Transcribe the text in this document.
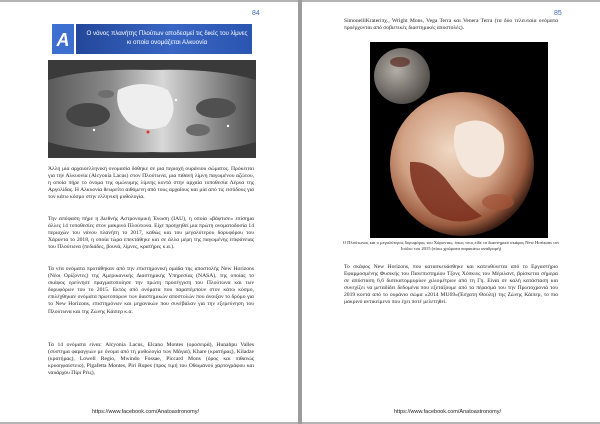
84
A	Ο νάνος πλανήτης Πλούτων αποδεσμεί τις δικές του λίμνες κι οποία ονομάζεται Αλκυονία
Άλλη μια αρχαιοελληνική ονομασία δόθηκε σε μια περιοχή ουράνιου σώματος. Πρόκειται για την Αλκυονία (Alcyonia Lacus) στον Πλούτωνα, μια πιθανή λίμνη παγωμένου αζώτου, η οποία πήρε το όνομα της ομώνυμης λίμνης κοντά στην αρχαία τοποθεσία Λέρνα της Αργολίδας. Η Αλκυονία θεωρείτο αιθόμενη από τους αρχαίους και μία από τις εισόδους για τον κάτω κόσμο στην ελληνική μυθολογία.
Την απόφαση πήρε η Διεθνής Αστρονομική Ένωση (IAU), η οποία «βάφτισε» επίσημα άλλες 14 τοποθεσίες στον μακρινό Πλούτωνα. Είχε προηγηθεί μια πρώτη ονοματοδοσία 14 περιοχών του νάνου πλανήτη το 2017, καθώς και του μεγαλύτερου δορυφόρου του Χάροντα το 2018, η οποία τώρα επεκτάθηκε και σε άλλα μέρη της παγωμένης επιφάνειας του Πλούτωνα (πεδιάδες, βουνά, λίμνες, κρατήρες κ.α.).
Τα νέα ονόματα προτάθηκαν από την επιστημονική ομάδα της αποστολής New Horizons (Νέοι Ορίζοντες) της Αμερικανικής Διαστημικής Υπηρεσίας (NASA), της οποίας το σκάφος ερεύνησε πραγματοποίησε την πρώτη προσέγγιση του Πλούτωνα και των δορυφόρων του το 2015. Εκτός από ονόματα που παραπέμπουν στον κάτω κόσμο, επιλέχθηκαν ονόματα πρωτοπόρων των διαστημικών αποστολών που άνοιξαν το δρόμο για το New Horizons, επιστημόνων και μηχανικών που συνέβαλαν για την εξερεύνηση του Πλούτωνα και της Ζώνης Κάιπερ κ.α.
Τα 14 ονόματα είναι: Alcyonia Lacus, Elcano Montes (οροσειρά), Hunahpu Valles (σύστημα φαραγγιών με όνομα από τη μυθολογία των Μάγια), Khare (κρατήρας), Kiladze (κρατήρας), Lowell Regio, Mwindo Fossae, Piccard Mons (όρος και πιθανώς κρυοηφαίστειο), Pigafetta Montes, Piri Rupes (προς τιμή του Οθωμανού χαρτογράφου και ναυάρχου Πίρι Ρέις),
https://www.facebook.com/Anatoastronomy/
85
SimonelliKrateriπχ., Wright Mons, Vega Terra και Venera Terra (τα δύο τελευταία ονόματα προέρχονται από σοβιετικές διαστημικές αποστολές).
Ο Πλούτωνας και ο μεγαλύτερος δορυφόρος του Χάροντας, όπως τους είδε το διαστημικό σκάφος New Horizons τον Ιούλιο του 2015 (πίσω χρώματα παρακάτω αναδρομή)
Το σκάφος New Horizons, που κατασκευάσθηκε και κατευθύνεται από το Εργαστήριο Εφαρμοσμένης Φυσικής του Πανεπιστημίου Τζονς Χόπκινς του Μέριλαντ, βρίσκεται σήμερα σε απόσταση 6,6 δισεκατομμυρίων χιλιομέτρων από τη Γη. Είναι σε καλή κατάσταση και συνεχίζει να μεταδίδει δεδομένα που εξετάζουμε από τα πέρασμά του την Πρωτοχρονιά του 2019 κοντά από το ουράνιο σώμα «2014 MU69»(Έσχατη Θούλη) της Ζώνης Κάιπερ, το πιο μακρινό αντικείμενο που έχει ποτέ μελετηθεί.
https://www.facebook.com/Anatoastronomy/
